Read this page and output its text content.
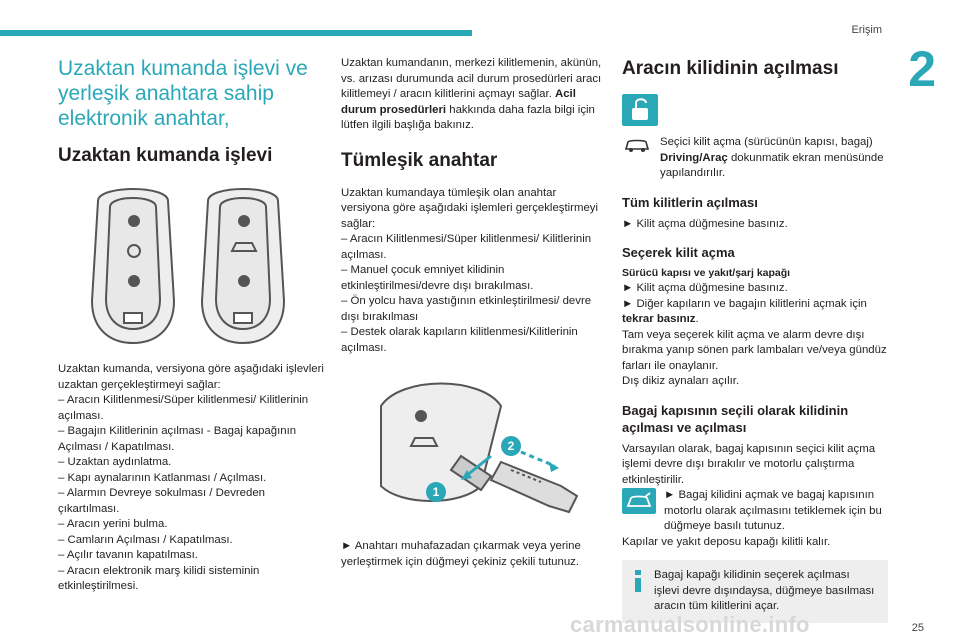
Erişim
2
Uzaktan kumanda işlevi ve yerleşik anahtara sahip elektronik anahtar,
Uzaktan kumanda işlevi

Uzaktan kumanda, versiyona göre aşağıdaki işlevleri uzaktan gerçekleştirmeyi sağlar:

– Aracın Kilitlenmesi/Süper kilitlenmesi/ Kilitlerinin açılması.

– Bagajın Kilitlerinin açılması - Bagaj kapağının Açılması / Kapatılması.

– Uzaktan aydınlatma.

– Kapı aynalarının Katlanması / Açılması.

– Alarmın Devreye sokulması / Devreden çıkartılması.

– Aracın yerini bulma.

– Camların Açılması / Kapatılması.

– Açılır tavanın kapatılması.

– Aracın elektronik marş kilidi sisteminin etkinleştirilmesi.

Uzaktan kumandanın, merkezi kilitlemenin, akünün, vs. arızası durumunda acil durum prosedürleri aracı kilitlemeyi / aracın kilitlerini açmayı sağlar. Acil durum prosedürleri hakkında daha fazla bilgi için lütfen ilgili başlığa bakınız.

Tümleşik anahtar

Uzaktan kumandaya tümleşik olan anahtar versiyona göre aşağıdaki işlemleri gerçekleştirmeyi sağlar:

– Aracın Kilitlenmesi/Süper kilitlenmesi/ Kilitlerinin açılması.

– Manuel çocuk emniyet kilidinin etkinleştirilmesi/devre dışı bırakılması.

– Ön yolcu hava yastığının etkinleştirilmesi/ devre dışı bırakılması

– Destek olarak kapıların kilitlenmesi/Kilitlerinin açılması.

1
2

► Anahtarı muhafazadan çıkarmak veya yerine yerleştirmek için düğmeyi çekiniz çekili tutunuz.

Aracın kilidinin açılması

Seçici kilit açma (sürücünün kapısı, bagaj) Driving/Araç dokunmatik ekran menüsünde yapılandırılır.

Tüm kilitlerin açılması

► Kilit açma düğmesine basınız.

Seçerek kilit açma

Sürücü kapısı ve yakıt/şarj kapağı

► Kilit açma düğmesine basınız.

► Diğer kapıların ve bagajın kilitlerini açmak için tekrar basınız.

Tam veya seçerek kilit açma ve alarm devre dışı bırakma yanıp sönen park lambaları ve/veya gündüz farları ile onaylanır.

Dış dikiz aynaları açılır.

Bagaj kapısının seçili olarak kilidinin açılması ve açılması

Varsayılan olarak, bagaj kapısının seçici kilit açma işlemi devre dışı bırakılır ve motorlu çalıştırma etkinleştirilir.

► Bagaj kilidini açmak ve bagaj kapısının motorlu olarak açılmasını tetiklemek için bu düğmeye basılı tutunuz.

Kapılar ve yakıt deposu kapağı kilitli kalır.

Bagaj kapağı kilidinin seçerek açılması işlevi devre dışındaysa, düğmeye basılması aracın tüm kilitlerini açar.

carmanualsonline.info	25
